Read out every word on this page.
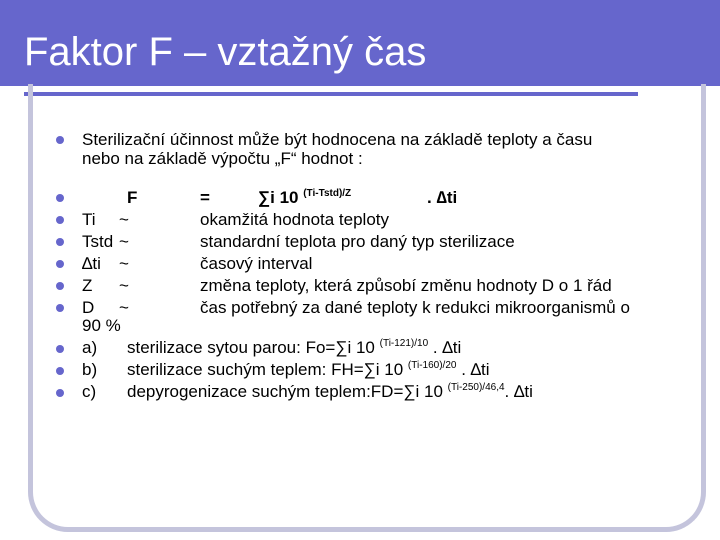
Faktor F – vztažný čas
Sterilizační účinnost může být hodnocena na základě teploty a času
nebo na základě výpočtu „F“ hodnot :
F	=	∑i 10 $^{(Ti-Tstd)/Z}$	. ∆ti
Ti ~	okamžitá hodnota teploty
Tstd ~	standardní teplota pro daný typ sterilizace
∆ti ~	časový interval
Z ~	změna teploty, která způsobí změnu hodnoty D o 1 řád
D ~	čas potřebný za dané teploty k redukci mikroorganismů o
90 %
a) sterilizace sytou parou: Fo=∑i 10 $^{(Ti-121)/10}$ . ∆ti
b) sterilizace suchým teplem: FH=∑i 10 $^{(Ti-160)/20}$ . ∆ti
c) depyrogenizace suchým teplem:FD=∑i 10 $^{(Ti-250)/46,4}$. ∆ti
